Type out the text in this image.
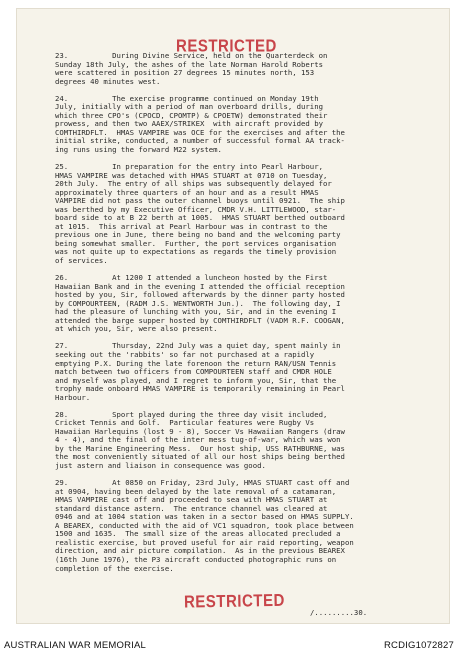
RESTRICTED
23.          During Divine Service, held on the Quarterdeck on
Sunday 18th July, the ashes of the late Norman Harold Roberts
were scattered in position 27 degrees 15 minutes north, 153
degrees 40 minutes west.
24.          The exercise programme continued on Monday 19th
July, initially with a period of man overboard drills, during
which three CPO's (CPOCD, CPOMTP) & CPOETW) demonstrated their
prowess, and then two AAEX/STRIKEX  with aircraft provided by
COMTHIRDFLT.  HMAS VAMPIRE was OCE for the exercises and after the
initial strike, conducted, a number of successful formal AA track-
ing runs using the forward M22 system.
25.          In preparation for the entry into Pearl Harbour,
HMAS VAMPIRE was detached with HMAS STUART at 0710 on Tuesday,
20th July.  The entry of all ships was subsequently delayed for
approximately three quarters of an hour and as a result HMAS
VAMPIRE did not pass the outer channel buoys until 0921.  The ship
was berthed by my Executive Officer, CMDR V.H. LITTLEWOOD, star-
board side to at B 22 berth at 1005.  HMAS STUART berthed outboard
at 1015.  This arrival at Pearl Harbour was in contrast to the
previous one in June, there being no band and the welcoming party
being somewhat smaller.  Further, the port services organisation
was not quite up to expectations as regards the timely provision
of services.
26.          At 1200 I attended a luncheon hosted by the First
Hawaiian Bank and in the evening I attended the official reception
hosted by you, Sir, followed afterwards by the dinner party hosted
by COMPOURTEEN, (RADM J.S. WENTWORTH Jun.).  The following day, I
had the pleasure of lunching with you, Sir, and in the evening I
attended the barge supper hosted by COMTHIRDFLT (VADM R.F. COOGAN,
at which you, Sir, were also present.
27.          Thursday, 22nd July was a quiet day, spent mainly in
seeking out the 'rabbits' so far not purchased at a rapidly
emptying P.X. During the late forenoon the return RAN/USN Tennis
match between two officers from COMPOURTEEN staff and CMDR HOLE
and myself was played, and I regret to inform you, Sir, that the
trophy made onboard HMAS VAMPIRE is temporarily remaining in Pearl
Harbour.
28.          Sport played during the three day visit included,
Cricket Tennis and Golf.  Particular features were Rugby Vs
Hawaiian Harlequins (lost 9 - 8), Soccer Vs Hawaiian Rangers (draw
4 - 4), and the final of the inter mess tug-of-war, which was won
by the Marine Engineering Mess.  Our host ship, USS RATHBURNE, was
the most conveniently situated of all our host ships being berthed
just astern and liaison in consequence was good.
29.          At 0850 on Friday, 23rd July, HMAS STUART cast off and
at 0904, having been delayed by the late removal of a catamaran,
HMAS VAMPIRE cast off and proceeded to sea with HMAS STUART at
standard distance astern.  The entrance channel was cleared at
0946 and at 1004 station was taken in a sector based on HMAS SUPPLY.
A BEAREX, conducted with the aid of VC1 squadron, took place between
1500 and 1635.  The small size of the areas allocated precluded a
realistic exercise, but proved useful for air raid reporting, weapon
direction, and air picture compilation.  As in the previous BEAREX
(16th June 1976), the P3 aircraft conducted photographic runs on
completion of the exercise.
RESTRICTED
/.........30.
AUSTRALIAN WAR MEMORIAL	RCDIG1072827
